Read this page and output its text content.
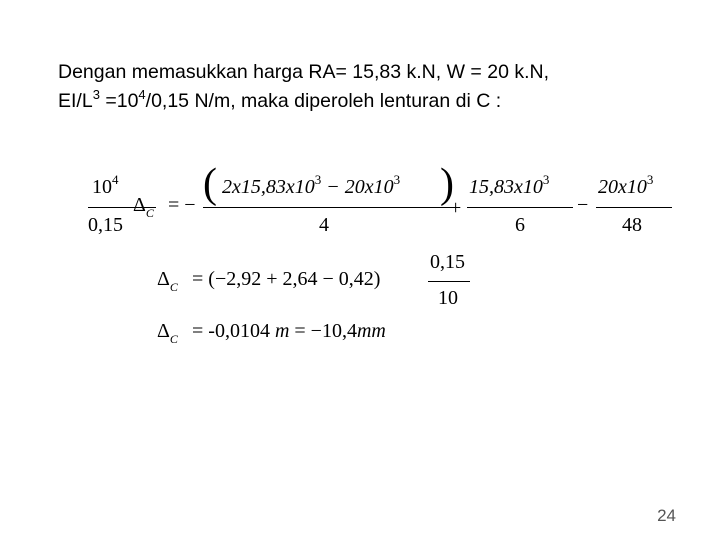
Dengan memasukkan harga RA= 15,83 k.N, W = 20 k.N,
$EI/L^3 =10^4/0,15$ N/m, maka diperoleh lenturan di C :
$10^4$
0,15
$\Delta_C$ = − ( $2x15,83x10^3 - 20x10^3$ )
4
+
$15,83x10^3$
6
−
$20x10^3$
48
$\Delta_C = (-2,92 + 2,64 - 0,42)$
0,15
10
$\Delta_C = -0,0104$ m = −10,4mm
24
